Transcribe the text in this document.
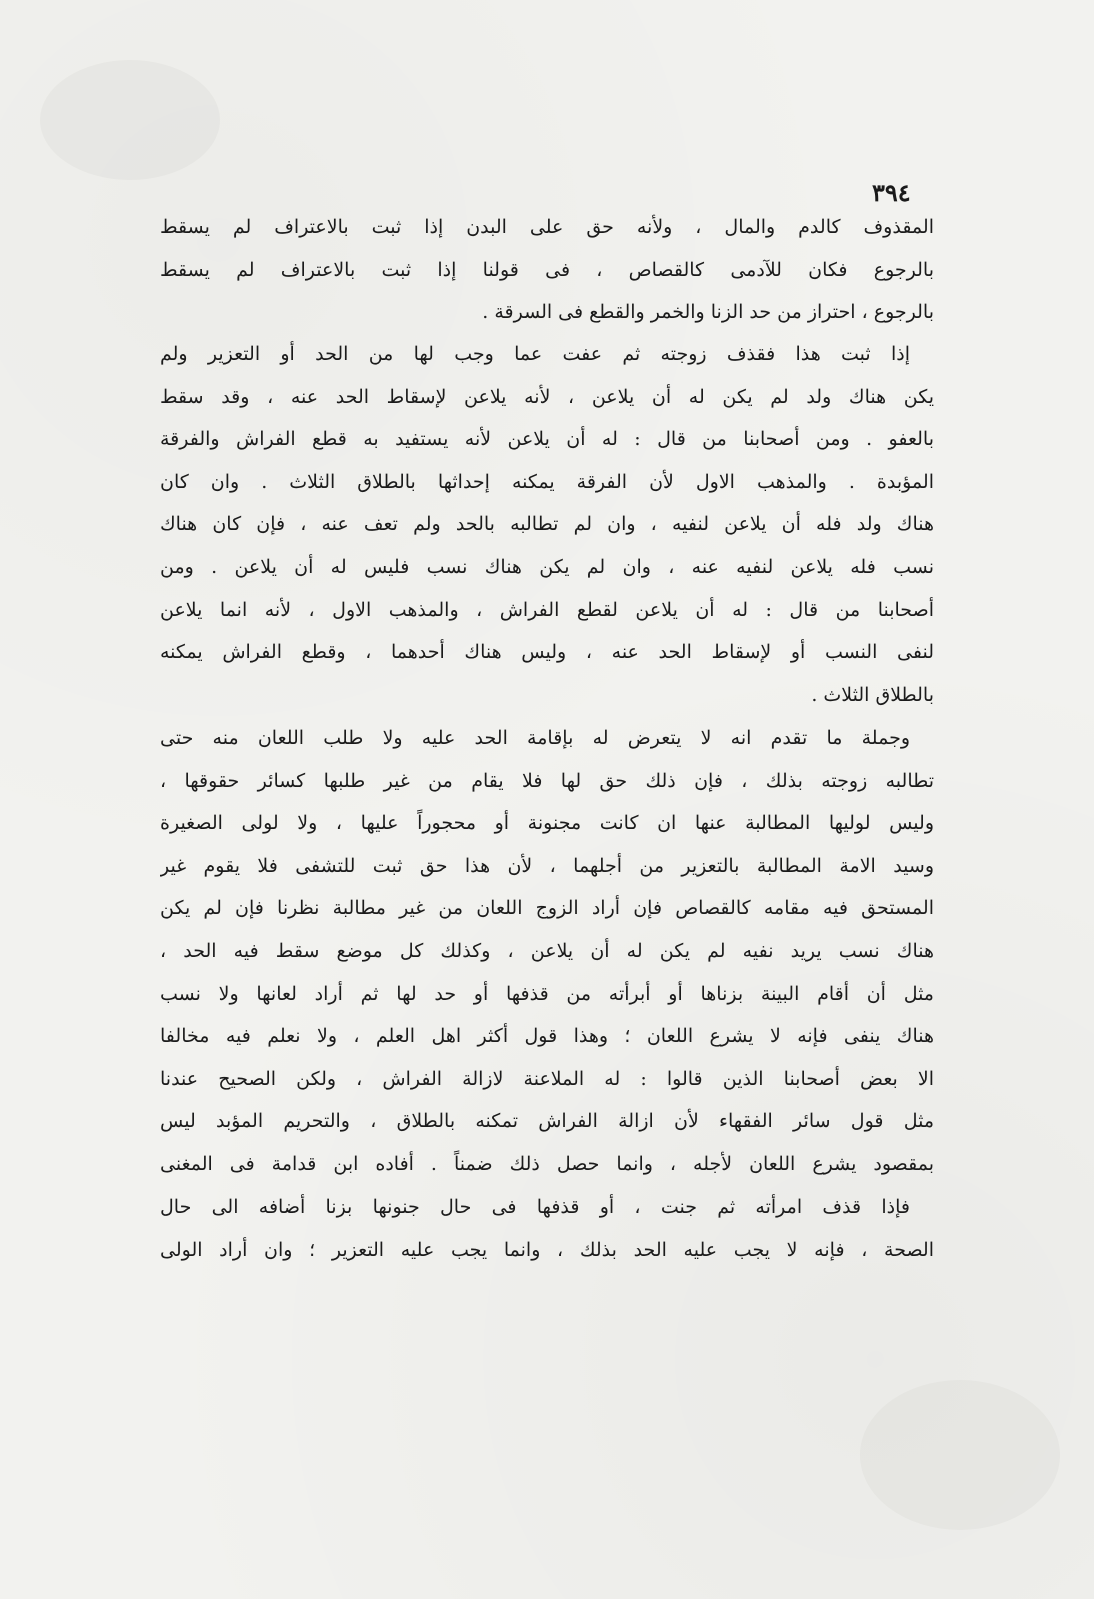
٣٩٤
المقذوف كالدم والمال ، ولأنه حق على البدن إذا ثبت بالاعتراف لم يسقط
بالرجوع فكان للآدمى كالقصاص ، فى قولنا إذا ثبت بالاعتراف لم يسقط
بالرجوع ، احتراز من حد الزنا والخمر والقطع فى السرقة .
إذا ثبت هذا فقذف زوجته ثم عفت عما وجب لها من الحد أو التعزير ولم
يكن هناك ولد لم يكن له أن يلاعن ، لأنه يلاعن لإسقاط الحد عنه ، وقد سقط
بالعفو . ومن أصحابنا من قال : له أن يلاعن لأنه يستفيد به قطع الفراش والفرقة
المؤبدة . والمذهب الاول لأن الفرقة يمكنه إحداثها بالطلاق الثلاث . وان كان
هناك ولد فله أن يلاعن لنفيه ، وان لم تطالبه بالحد ولم تعف عنه ، فإن كان هناك
نسب فله يلاعن لنفيه عنه ، وان لم يكن هناك نسب فليس له أن يلاعن . ومن
أصحابنا من قال : له أن يلاعن لقطع الفراش ، والمذهب الاول ، لأنه انما يلاعن
لنفى النسب أو لإسقاط الحد عنه ، وليس هناك أحدهما ، وقطع الفراش يمكنه
بالطلاق الثلاث .
وجملة ما تقدم انه لا يتعرض له بإقامة الحد عليه ولا طلب اللعان منه حتى
تطالبه زوجته بذلك ، فإن ذلك حق لها فلا يقام من غير طلبها كسائر حقوقها ،
وليس لوليها المطالبة عنها ان كانت مجنونة أو محجوراً عليها ، ولا لولى الصغيرة
وسيد الامة المطالبة بالتعزير من أجلهما ، لأن هذا حق ثبت للتشفى فلا يقوم غير
المستحق فيه مقامه كالقصاص فإن أراد الزوج اللعان من غير مطالبة نظرنا فإن لم يكن
هناك نسب يريد نفيه لم يكن له أن يلاعن ، وكذلك كل موضع سقط فيه الحد ،
مثل أن أقام البينة بزناها أو أبرأته من قذفها أو حد لها ثم أراد لعانها ولا نسب
هناك ينفى فإنه لا يشرع اللعان ؛ وهذا قول أكثر اهل العلم ، ولا نعلم فيه مخالفا
الا بعض أصحابنا الذين قالوا : له الملاعنة لازالة الفراش ، ولكن الصحيح عندنا
مثل قول سائر الفقهاء لأن ازالة الفراش تمكنه بالطلاق ، والتحريم المؤبد ليس
بمقصود يشرع اللعان لأجله ، وانما حصل ذلك ضمناً . أفاده ابن قدامة فى المغنى
فإذا قذف امرأته ثم جنت ، أو قذفها فى حال جنونها بزنا أضافه الى حال
الصحة ، فإنه لا يجب عليه الحد بذلك ، وانما يجب عليه التعزير ؛ وان أراد الولى
